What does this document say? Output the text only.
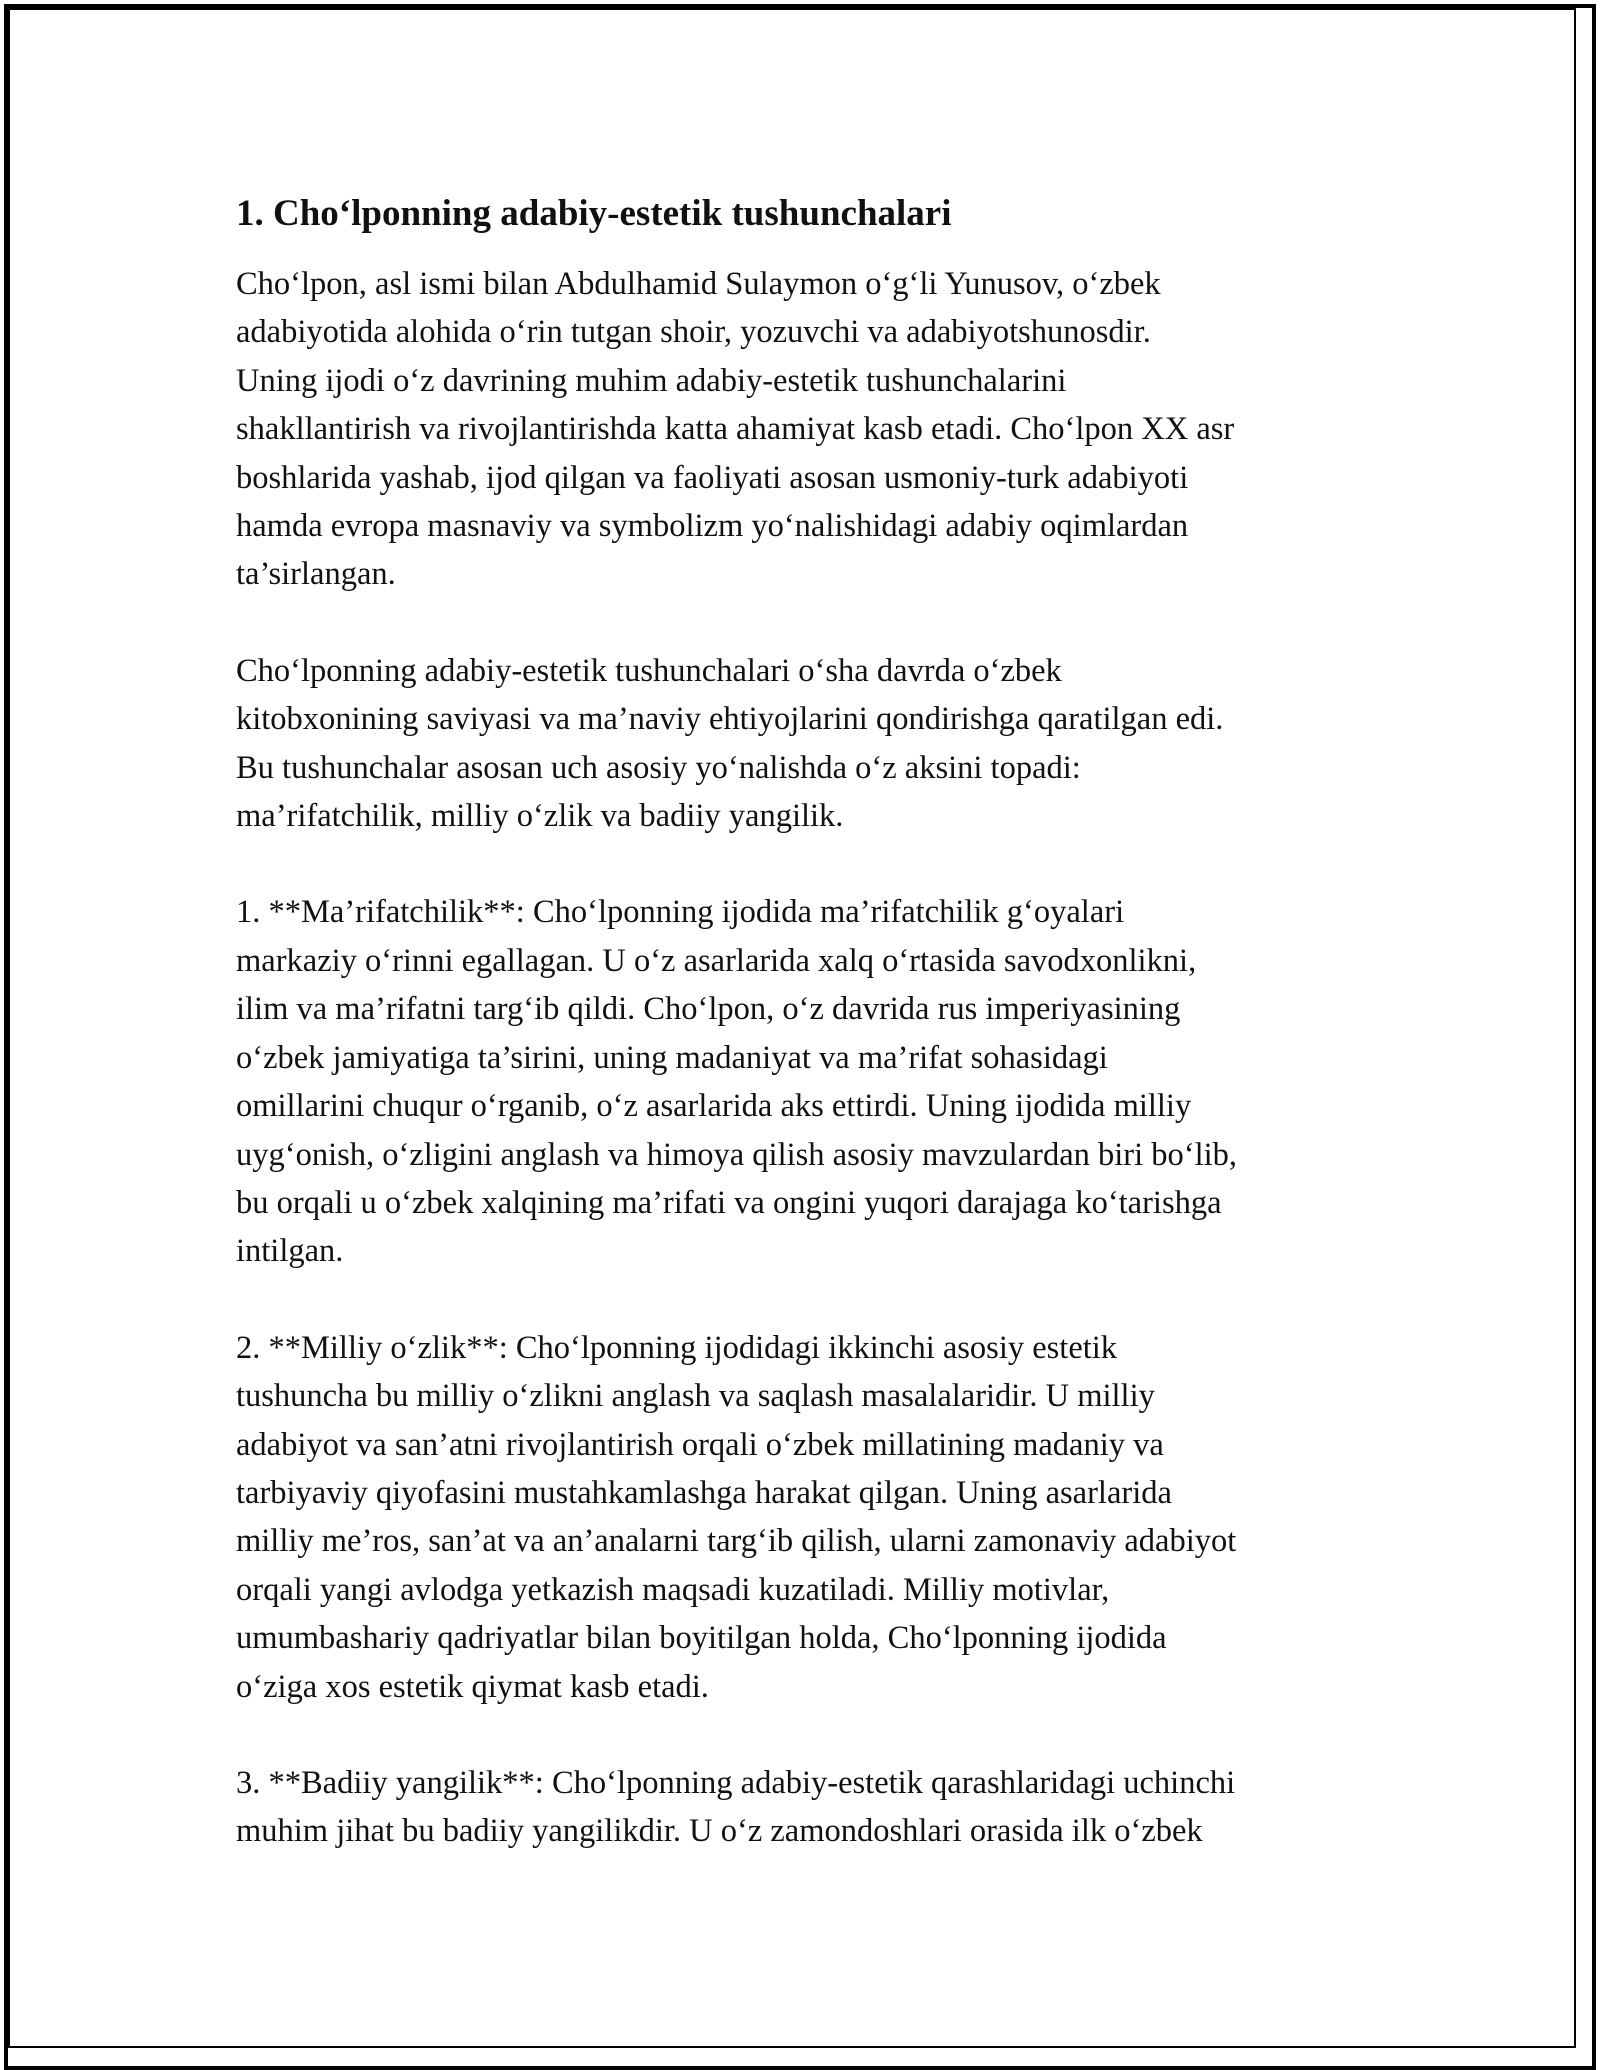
1. Cho‘lponning adabiy-estetik tushunchalari

Cho‘lpon, asl ismi bilan Abdulhamid Sulaymon o‘g‘li Yunusov, o‘zbek
adabiyotida alohida o‘rin tutgan shoir, yozuvchi va adabiyotshunosdir.
Uning ijodi o‘z davrining muhim adabiy-estetik tushunchalarini
shakllantirish va rivojlantirishda katta ahamiyat kasb etadi. Cho‘lpon XX asr
boshlarida yashab, ijod qilgan va faoliyati asosan usmoniy-turk adabiyoti
hamda evropa masnaviy va symbolizm yo‘nalishidagi adabiy oqimlardan
ta’sirlangan.

Cho‘lponning adabiy-estetik tushunchalari o‘sha davrda o‘zbek
kitobxonining saviyasi va ma’naviy ehtiyojlarini qondirishga qaratilgan edi.
Bu tushunchalar asosan uch asosiy yo‘nalishda o‘z aksini topadi:
ma’rifatchilik, milliy o‘zlik va badiiy yangilik.

1. **Ma’rifatchilik**: Cho‘lponning ijodida ma’rifatchilik g‘oyalari
markaziy o‘rinni egallagan. U o‘z asarlarida xalq o‘rtasida savodxonlikni,
ilim va ma’rifatni targ‘ib qildi. Cho‘lpon, o‘z davrida rus imperiyasining
o‘zbek jamiyatiga ta’sirini, uning madaniyat va ma’rifat sohasidagi
omillarini chuqur o‘rganib, o‘z asarlarida aks ettirdi. Uning ijodida milliy
uyg‘onish, o‘zligini anglash va himoya qilish asosiy mavzulardan biri bo‘lib,
bu orqali u o‘zbek xalqining ma’rifati va ongini yuqori darajaga ko‘tarishga
intilgan.

2. **Milliy o‘zlik**: Cho‘lponning ijodidagi ikkinchi asosiy estetik
tushuncha bu milliy o‘zlikni anglash va saqlash masalalaridir. U milliy
adabiyot va san’atni rivojlantirish orqali o‘zbek millatining madaniy va
tarbiyaviy qiyofasini mustahkamlashga harakat qilgan. Uning asarlarida
milliy me’ros, san’at va an’analarni targ‘ib qilish, ularni zamonaviy adabiyot
orqali yangi avlodga yetkazish maqsadi kuzatiladi. Milliy motivlar,
umumbashariy qadriyatlar bilan boyitilgan holda, Cho‘lponning ijodida
o‘ziga xos estetik qiymat kasb etadi.

3. **Badiiy yangilik**: Cho‘lponning adabiy-estetik qarashlaridagi uchinchi
muhim jihat bu badiiy yangilikdir. U o‘z zamondoshlari orasida ilk o‘zbek
